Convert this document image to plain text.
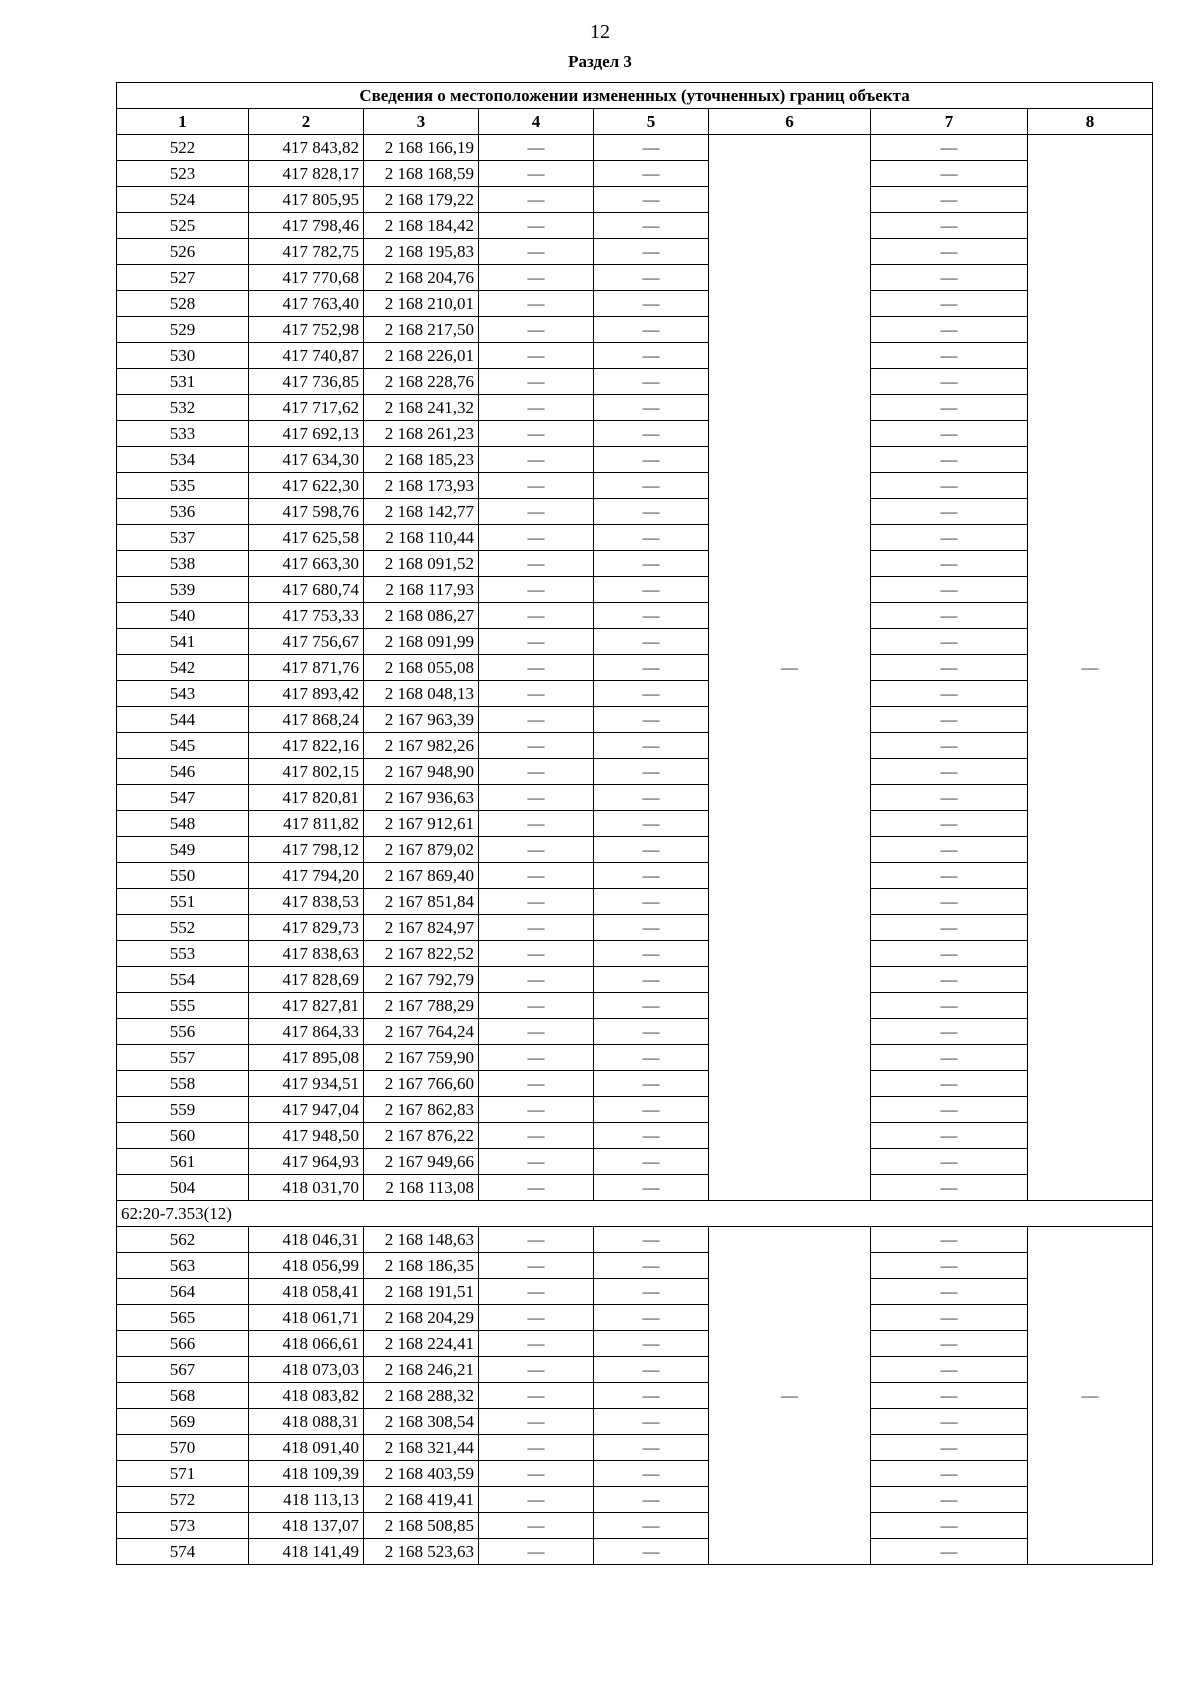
12
Раздел 3
Сведения о местоположении измененных (уточненных) границ объекта							
1	2	3	4	5	6	7	8
522	417 843,82	2 168 166,19	—	—	—	—	—
523	417 828,17	2 168 168,59	—	—		—	
524	417 805,95	2 168 179,22	—	—		—	
525	417 798,46	2 168 184,42	—	—		—	
526	417 782,75	2 168 195,83	—	—		—	
527	417 770,68	2 168 204,76	—	—		—	
528	417 763,40	2 168 210,01	—	—		—	
529	417 752,98	2 168 217,50	—	—		—	
530	417 740,87	2 168 226,01	—	—		—	
531	417 736,85	2 168 228,76	—	—		—	
532	417 717,62	2 168 241,32	—	—		—	
533	417 692,13	2 168 261,23	—	—		—	
534	417 634,30	2 168 185,23	—	—		—	
535	417 622,30	2 168 173,93	—	—		—	
536	417 598,76	2 168 142,77	—	—		—	
537	417 625,58	2 168 110,44	—	—		—	
538	417 663,30	2 168 091,52	—	—		—	
539	417 680,74	2 168 117,93	—	—		—	
540	417 753,33	2 168 086,27	—	—		—	
541	417 756,67	2 168 091,99	—	—		—	
542	417 871,76	2 168 055,08	—	—		—	
543	417 893,42	2 168 048,13	—	—		—	
544	417 868,24	2 167 963,39	—	—		—	
545	417 822,16	2 167 982,26	—	—		—	
546	417 802,15	2 167 948,90	—	—		—	
547	417 820,81	2 167 936,63	—	—		—	
548	417 811,82	2 167 912,61	—	—		—	
549	417 798,12	2 167 879,02	—	—		—	
550	417 794,20	2 167 869,40	—	—		—	
551	417 838,53	2 167 851,84	—	—		—	
552	417 829,73	2 167 824,97	—	—		—	
553	417 838,63	2 167 822,52	—	—		—	
554	417 828,69	2 167 792,79	—	—		—	
555	417 827,81	2 167 788,29	—	—		—	
556	417 864,33	2 167 764,24	—	—		—	
557	417 895,08	2 167 759,90	—	—		—	
558	417 934,51	2 167 766,60	—	—		—	
559	417 947,04	2 167 862,83	—	—		—	
560	417 948,50	2 167 876,22	—	—		—	
561	417 964,93	2 167 949,66	—	—		—	
504	418 031,70	2 168 113,08	—	—		—	
62:20-7.353(12)							
562	418 046,31	2 168 148,63	—	—	—	—	—
563	418 056,99	2 168 186,35	—	—		—	
564	418 058,41	2 168 191,51	—	—		—	
565	418 061,71	2 168 204,29	—	—		—	
566	418 066,61	2 168 224,41	—	—		—	
567	418 073,03	2 168 246,21	—	—		—	
568	418 083,82	2 168 288,32	—	—		—	
569	418 088,31	2 168 308,54	—	—		—	
570	418 091,40	2 168 321,44	—	—		—	
571	418 109,39	2 168 403,59	—	—		—	
572	418 113,13	2 168 419,41	—	—		—	
573	418 137,07	2 168 508,85	—	—		—	
574	418 141,49	2 168 523,63	—	—		—	
